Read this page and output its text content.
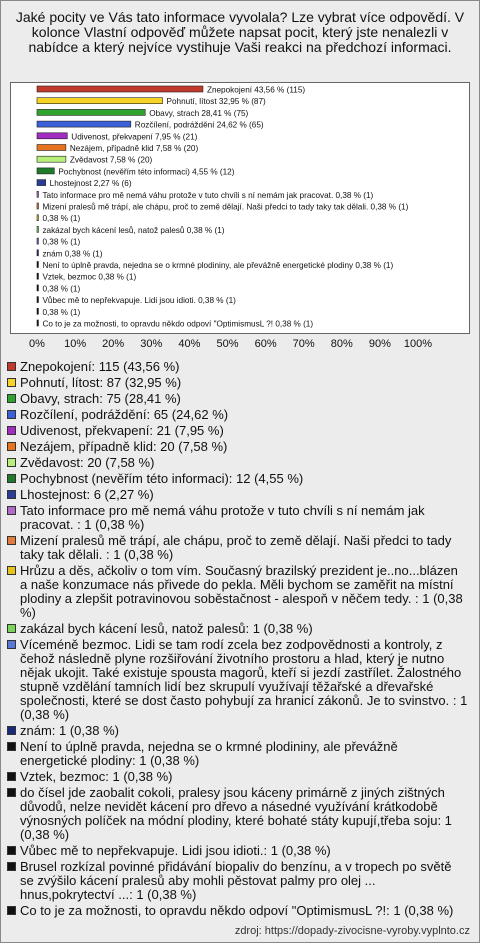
Jaké pocity ve Vás tato informace vyvolala? Lze vybrat více odpovědí. V kolonce Vlastní odpověď můžete napsat pocit, který jste nenalezli v nabídce a který nejvíce vystihuje Vaši reakci na předchozí informaci.
Znepokojení 43,56 % (115)
Pohnutí, lítost 32,95 % (87)
Obavy, strach 28,41 % (75)
Rozčílení, podráždění 24,62 % (65)
Udivenost, překvapení 7,95 % (21)
Nezájem, případně klid 7,58 % (20)
Zvědavost 7,58 % (20)
Pochybnost (nevěřím této informaci) 4,55 % (12)
Lhostejnost 2,27 % (6)
Tato informace pro mě nemá váhu protože v tuto chvíli s ní nemám jak pracovat. 0,38 % (1)
Mizení pralesů mě trápí, ale chápu, proč to země dělají. Naši předci to tady taky tak dělali. 0,38 % (1)
0,38 % (1)
zakázal bych kácení lesů, natož palesů 0,38 % (1)
0,38 % (1)
znám 0,38 % (1)
Není to úplně pravda, nejedna se o krmné plodininy, ale převážně energetické plodiny 0,38 % (1)
Vztek, bezmoc 0,38 % (1)
0,38 % (1)
Vůbec mě to nepřekvapuje. Lidi jsou idioti. 0,38 % (1)
0,38 % (1)
Co to je za možnosti, to opravdu někdo odpoví "OptimismusL ?! 0,38 % (1)
0% 10% 20% 30% 40% 50% 60% 70% 80% 90% 100%
Znepokojení: 115 (43,56 %)
Pohnutí, lítost: 87 (32,95 %)
Obavy, strach: 75 (28,41 %)
Rozčílení, podráždění: 65 (24,62 %)
Udivenost, překvapení: 21 (7,95 %)
Nezájem, případně klid: 20 (7,58 %)
Zvědavost: 20 (7,58 %)
Pochybnost (nevěřím této informaci): 12 (4,55 %)
Lhostejnost: 6 (2,27 %)
Tato informace pro mě nemá váhu protože v tuto chvíli s ní nemám jak pracovat. : 1 (0,38 %)
Mizení pralesů mě trápí, ale chápu, proč to země dělají. Naši předci to tady taky tak dělali. : 1 (0,38 %)
Hrůzu a děs, ačkoliv o tom vím. Současný brazilský prezident je..no...blázen a naše konzumace nás přivede do pekla. Měli bychom se zaměřit na místní plodiny a zlepšit potravinovou soběstačnost - alespoň v něčem tedy. : 1 (0,38 %)
zakázal bych kácení lesů, natož palesů: 1 (0,38 %)
Víceméně bezmoc. Lidi se tam rodí zcela bez zodpovědnosti a kontroly, z čehož následně plyne rozšiřování životního prostoru a hlad, který je nutno nějak ukojit. Také existuje spousta magorů, kteří si jezdí zastřílet. Žalostného stupně vzdělání tamních lidí bez skrupulí využívají těžařské a dřevařské společnosti, které se dost často pohybují za hranicí zákonů. Je to svinstvo. : 1 (0,38 %)
znám: 1 (0,38 %)
Není to úplně pravda, nejedna se o krmné plodininy, ale převážně energetické plodiny: 1 (0,38 %)
Vztek, bezmoc: 1 (0,38 %)
do čísel jde zaobalit cokoli, pralesy jsou káceny primárně z jiných zištných důvodů, nelze nevidět kácení pro dřevo a násedné využívání krátkodobě výnosných políček na módní plodiny, které bohaté státy kupují,třeba soju: 1 (0,38 %)
Vůbec mě to nepřekvapuje. Lidi jsou idioti.: 1 (0,38 %)
Brusel rozkízal povinné přidávání biopaliv do benzínu, a v tropech po světě se zvýšilo kácení pralesů aby mohli pěstovat palmy pro olej ... hnus,pokrytectví ...: 1 (0,38 %)
Co to je za možnosti, to opravdu někdo odpoví "OptimismusL ?!: 1 (0,38 %)
zdroj: https://dopady-zivocisne-vyroby.vyplnto.cz
